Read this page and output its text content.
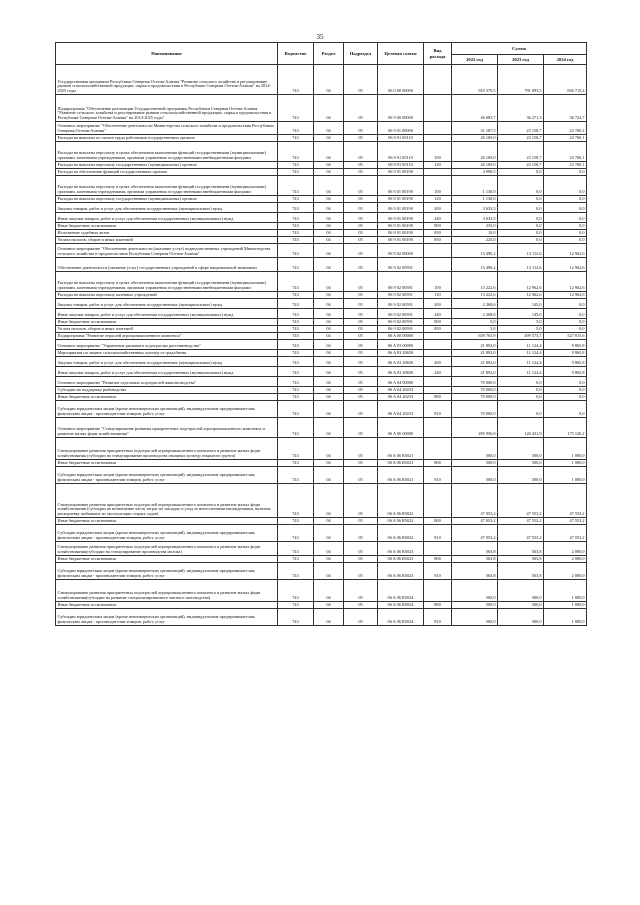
35
Наименование	Ведомство	Раздел	Подраздел	Целевая статья	Вид расхода	Сумма		
						2022 год	2023 год	2024 год
Государственная программа Республики Северная Осетия-Алания "Развитие сельского хозяйства и регулирование рынков сельскохозяйственной продукции, сырья и продовольствия в Республике Северная Осетия-Алания" на 2014-2025 годы	743	04	05	06 0 00 00000		919 379,5	791 093,5	836 715,4
Подпрограмма "Обеспечение реализации Государственной программы Республики Северная Осетия-Алания "Развитие сельского хозяйства и регулирование рынков сельскохозяйственной продукции, сырья и продовольствия в Республике Северная Осетия-Алания" на 2014-2025 годы"	743	04	05	06 9 00 00000		46 683,7	36 271,3	36 722,7
Основное мероприятие "Обеспечение деятельности Министерства сельского хозяйства и продовольствия Республики Северная Осетия-Алания"	743	04	05	06 9 01 00000		31 187,5	23 158,7	23 760,1
Расходы на выплаты по оплате труда работников государственных органов	743	04	05	06 9 01 00110		26 169,0	23 158,7	23 760,1
Расходы на выплаты персоналу в целях обеспечения выполнения функций государственными (муниципальными) органами, казенными учреждениями, органами управления государственными внебюджетными фондами	743	04	05	06 9 01 00110	100	26 169,0	23 158,7	23 760,1
Расходы на выплаты персоналу государственных (муниципальных) органов	743	04	05	06 9 01 00110	120	26 169,0	23 158,7	23 760,1
Расходы на обеспечение функций государственных органов	743	04	05	06 9 01 00190		4 998,5	0,0	0,0
Расходы на выплаты персоналу в целях обеспечения выполнения функций государственными (муниципальными) органами, казенными учреждениями, органами управления государственными внебюджетными фондами	743	04	05	06 9 01 00190	100	1 130,0	0,0	0,0
Расходы на выплаты персоналу государственных (муниципальных) органов	743	04	05	06 9 01 00190	120	1 130,0	0,0	0,0
Закупка товаров, работ и услуг для обеспечения государственных (муниципальных) нужд	743	04	05	06 9 01 00190	200	3 633,5	0,0	0,0
Иные закупки товаров, работ и услуг для обеспечения государственных (муниципальных) нужд	743	04	05	06 9 01 00190	240	3 633,5	0,0	0,0
Иные бюджетные ассигнования	743	04	05	06 9 01 00190	800	235,0	0,0	0,0
Исполнение судебных актов	743	04	05	06 9 01 00190	830	10,0	0,0	0,0
Уплата налогов, сборов и иных платежей	743	04	05	06 9 01 00190	850	225,0	0,0	0,0
Основное мероприятие "Обеспечение деятельности (оказание услуг) подведомственных учреждений Министерства сельского хозяйства и продовольствия Республики Северная Осетия-Алания"	743	04	05	06 9 02 00000		15 496,2	13 112,6	12 962,6
Обеспечение деятельности (оказание услуг) государственных учреждений в сфере национальной экономики	743	04	05	06 9 02 00591		15 496,2	13 112,6	12 962,6
Расходы на выплаты персоналу в целях обеспечения выполнения функций государственными (муниципальными) органами, казенными учреждениями, органами управления государственными внебюджетными фондами	743	04	05	06 9 02 00591	100	13 222,6	12 962,6	12 962,6
Расходы на выплаты персоналу казенных учреждений	743	04	05	06 9 02 00591	110	13 222,6	12 962,6	12 962,6
Закупка товаров, работ и услуг для обеспечения государственных (муниципальных) нужд	743	04	05	06 9 02 00591	200	2 268,6	145,0	0,0
Иные закупки товаров, работ и услуг для обеспечения государственных (муниципальных) нужд	743	04	05	06 9 02 00591	240	2 268,6	145,0	0,0
Иные бюджетные ассигнования	743	04	05	06 9 02 00591	800	5,0	5,0	0,0
Уплата налогов, сборов и иных платежей	743	04	05	06 9 02 00591	850	5,0	5,0	0,0
Подпрограмма "Развитие отраслей агропромышленного комплекса"	743	04	05	06 A 00 00000		639 763,9	499 573,7	527 815,6
Основное мероприятие "Управление рисками в подотраслях растениеводства"	743	04	05	06 A 03 00000		21 892,0	11 124,4	9 865,8
Мероприятия по защите сельскохозяйственных культур от градобития	743	04	05	06 A 03 20650		21 892,0	11 124,4	9 865,8
Закупка товаров, работ и услуг для обеспечения государственных (муниципальных) нужд	743	04	05	06 A 03 20650	200	21 892,0	11 124,4	9 865,8
Иные закупки товаров, работ и услуг для обеспечения государственных (муниципальных) нужд	743	04	05	06 A 03 20650	240	21 892,0	11 124,4	9 865,8
Основное мероприятие "Развитие отдельных подотраслей животноводства"	743	04	05	06 A 04 00000		70 000,0	0,0	0,0
Субсидии на поддержку рыбоводства	743	04	05	06 A 04 20233		70 000,0	0,0	0,0
Иные бюджетные ассигнования	743	04	05	06 A 04 20233	800	70 000,0	0,0	0,0
Субсидии юридическим лицам (кроме некоммерческих организаций), индивидуальным предпринимателям, физическим лицам - производителям товаров, работ, услуг	743	04	05	06 A 04 20233	810	70 000,0	0,0	0,0
Основное мероприятие "Стимулирование развития приоритетных подотраслей агропромышленного комплекса и развитие малых форм хозяйствования"	743	04	05	06 A 06 00000		285 956,8	126 431,9	175 120,2
Стимулирование развития приоритетных подотраслей агропромышленного комплекса и развитие малых форм хозяйствования (субсидии на стимулирование производства овощных культур открытого грунта)	743	04	05	06 A 06 R5021		500,0	500,0	1 000,0
Иные бюджетные ассигнования	743	04	05	06 A 06 R5021	800	500,0	500,0	1 000,0
Субсидии юридическим лицам (кроме некоммерческих организаций), индивидуальным предпринимателям, физическим лицам - производителям товаров, работ, услуг	743	04	05	06 A 06 R5021	810	500,0	500,0	1 000,0
Стимулирование развития приоритетных подотраслей агропромышленного комплекса и развитие малых форм хозяйствования (субсидии на возмещение части затрат на закладку и уход за многолетними насаждениями, включая раскорчевку выбывших из эксплуатации старых садов)	743	04	05	06 A 06 R5022		47 053,2	47 553,2	47 553,2
Иные бюджетные ассигнования	743	04	05	06 A 06 R5022	800	47 053,2	47 553,2	47 553,2
Субсидии юридическим лицам (кроме некоммерческих организаций), индивидуальным предпринимателям, физическим лицам - производителям товаров, работ, услуг	743	04	05	06 A 06 R5022	810	47 053,2	47 553,2	47 553,2
Стимулирование развития приоритетных подотраслей агропромышленного комплекса и развитие малых форм хозяйствования(субсидии на стимулирование производства молока)	743	04	05	06 A 06 R5023		563,8	563,8	2 000,0
Иные бюджетные ассигнования	743	04	05	06 A 06 R5023	800	563,8	563,8	2 000,0
Субсидии юридическим лицам (кроме некоммерческих организаций), индивидуальным предпринимателям, физическим лицам - производителям товаров, работ, услуг	743	04	05	06 A 06 R5023	810	563,8	563,8	2 000,0
Стимулирование развития приоритетных подотраслей агропромышленного комплекса и развитие малых форм хозяйствования(субсидии на развитие специализированного мясного скотоводства)	743	04	05	06 A 06 R5024		500,0	500,0	1 800,0
Иные бюджетные ассигнования	743	04	05	06 A 06 R5024	800	500,0	500,0	1 800,0
Субсидии юридическим лицам (кроме некоммерческих организаций), индивидуальным предпринимателям, физическим лицам - производителям товаров, работ, услуг	743	04	05	06 A 06 R5024	810	500,0	500,0	1 800,0
